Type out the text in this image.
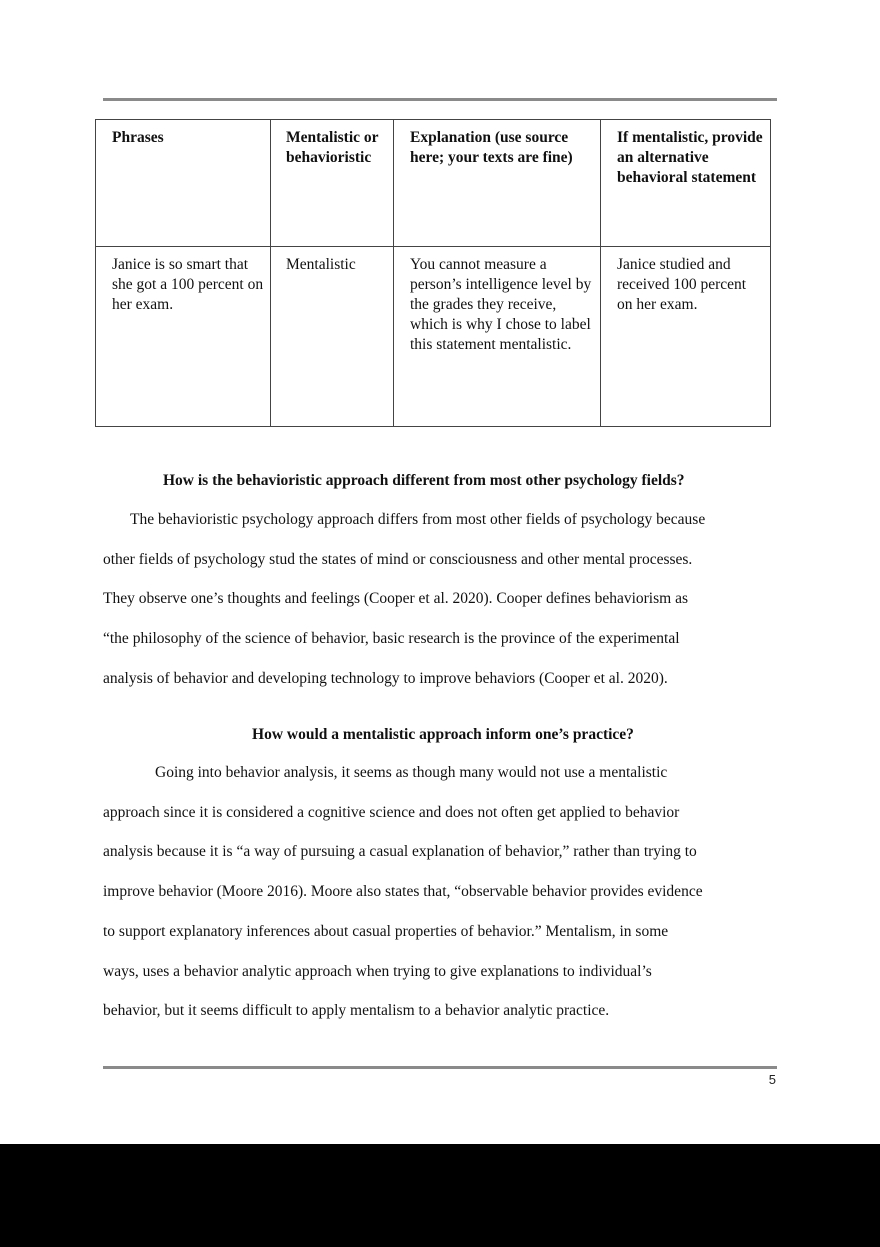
Phrases	Mentalistic or behavioristic	Explanation (use source here; your texts are fine)	If mentalistic, provide an alternative behavioral statement
Janice is so smart that she got a 100 percent on her exam.	Mentalistic	You cannot measure a person’s intelligence level by the grades they receive, which is why I chose to label this statement mentalistic.	Janice studied and received 100 percent on her exam.
How is the behavioristic approach different from most other psychology fields?

The behavioristic psychology approach differs from most other fields of psychology because
other fields of psychology stud the states of mind or consciousness and other mental processes.
They observe one’s thoughts and feelings (Cooper et al. 2020). Cooper defines behaviorism as
“the philosophy of the science of behavior, basic research is the province of the experimental
analysis of behavior and developing technology to improve behaviors (Cooper et al. 2020).

How would a mentalistic approach inform one’s practice?

Going into behavior analysis, it seems as though many would not use a mentalistic
approach since it is considered a cognitive science and does not often get applied to behavior
analysis because it is “a way of pursuing a casual explanation of behavior,” rather than trying to
improve behavior (Moore 2016). Moore also states that, “observable behavior provides evidence
to support explanatory inferences about casual properties of behavior.” Mentalism, in some
ways, uses a behavior analytic approach when trying to give explanations to individual’s
behavior, but it seems difficult to apply mentalism to a behavior analytic practice.

5
